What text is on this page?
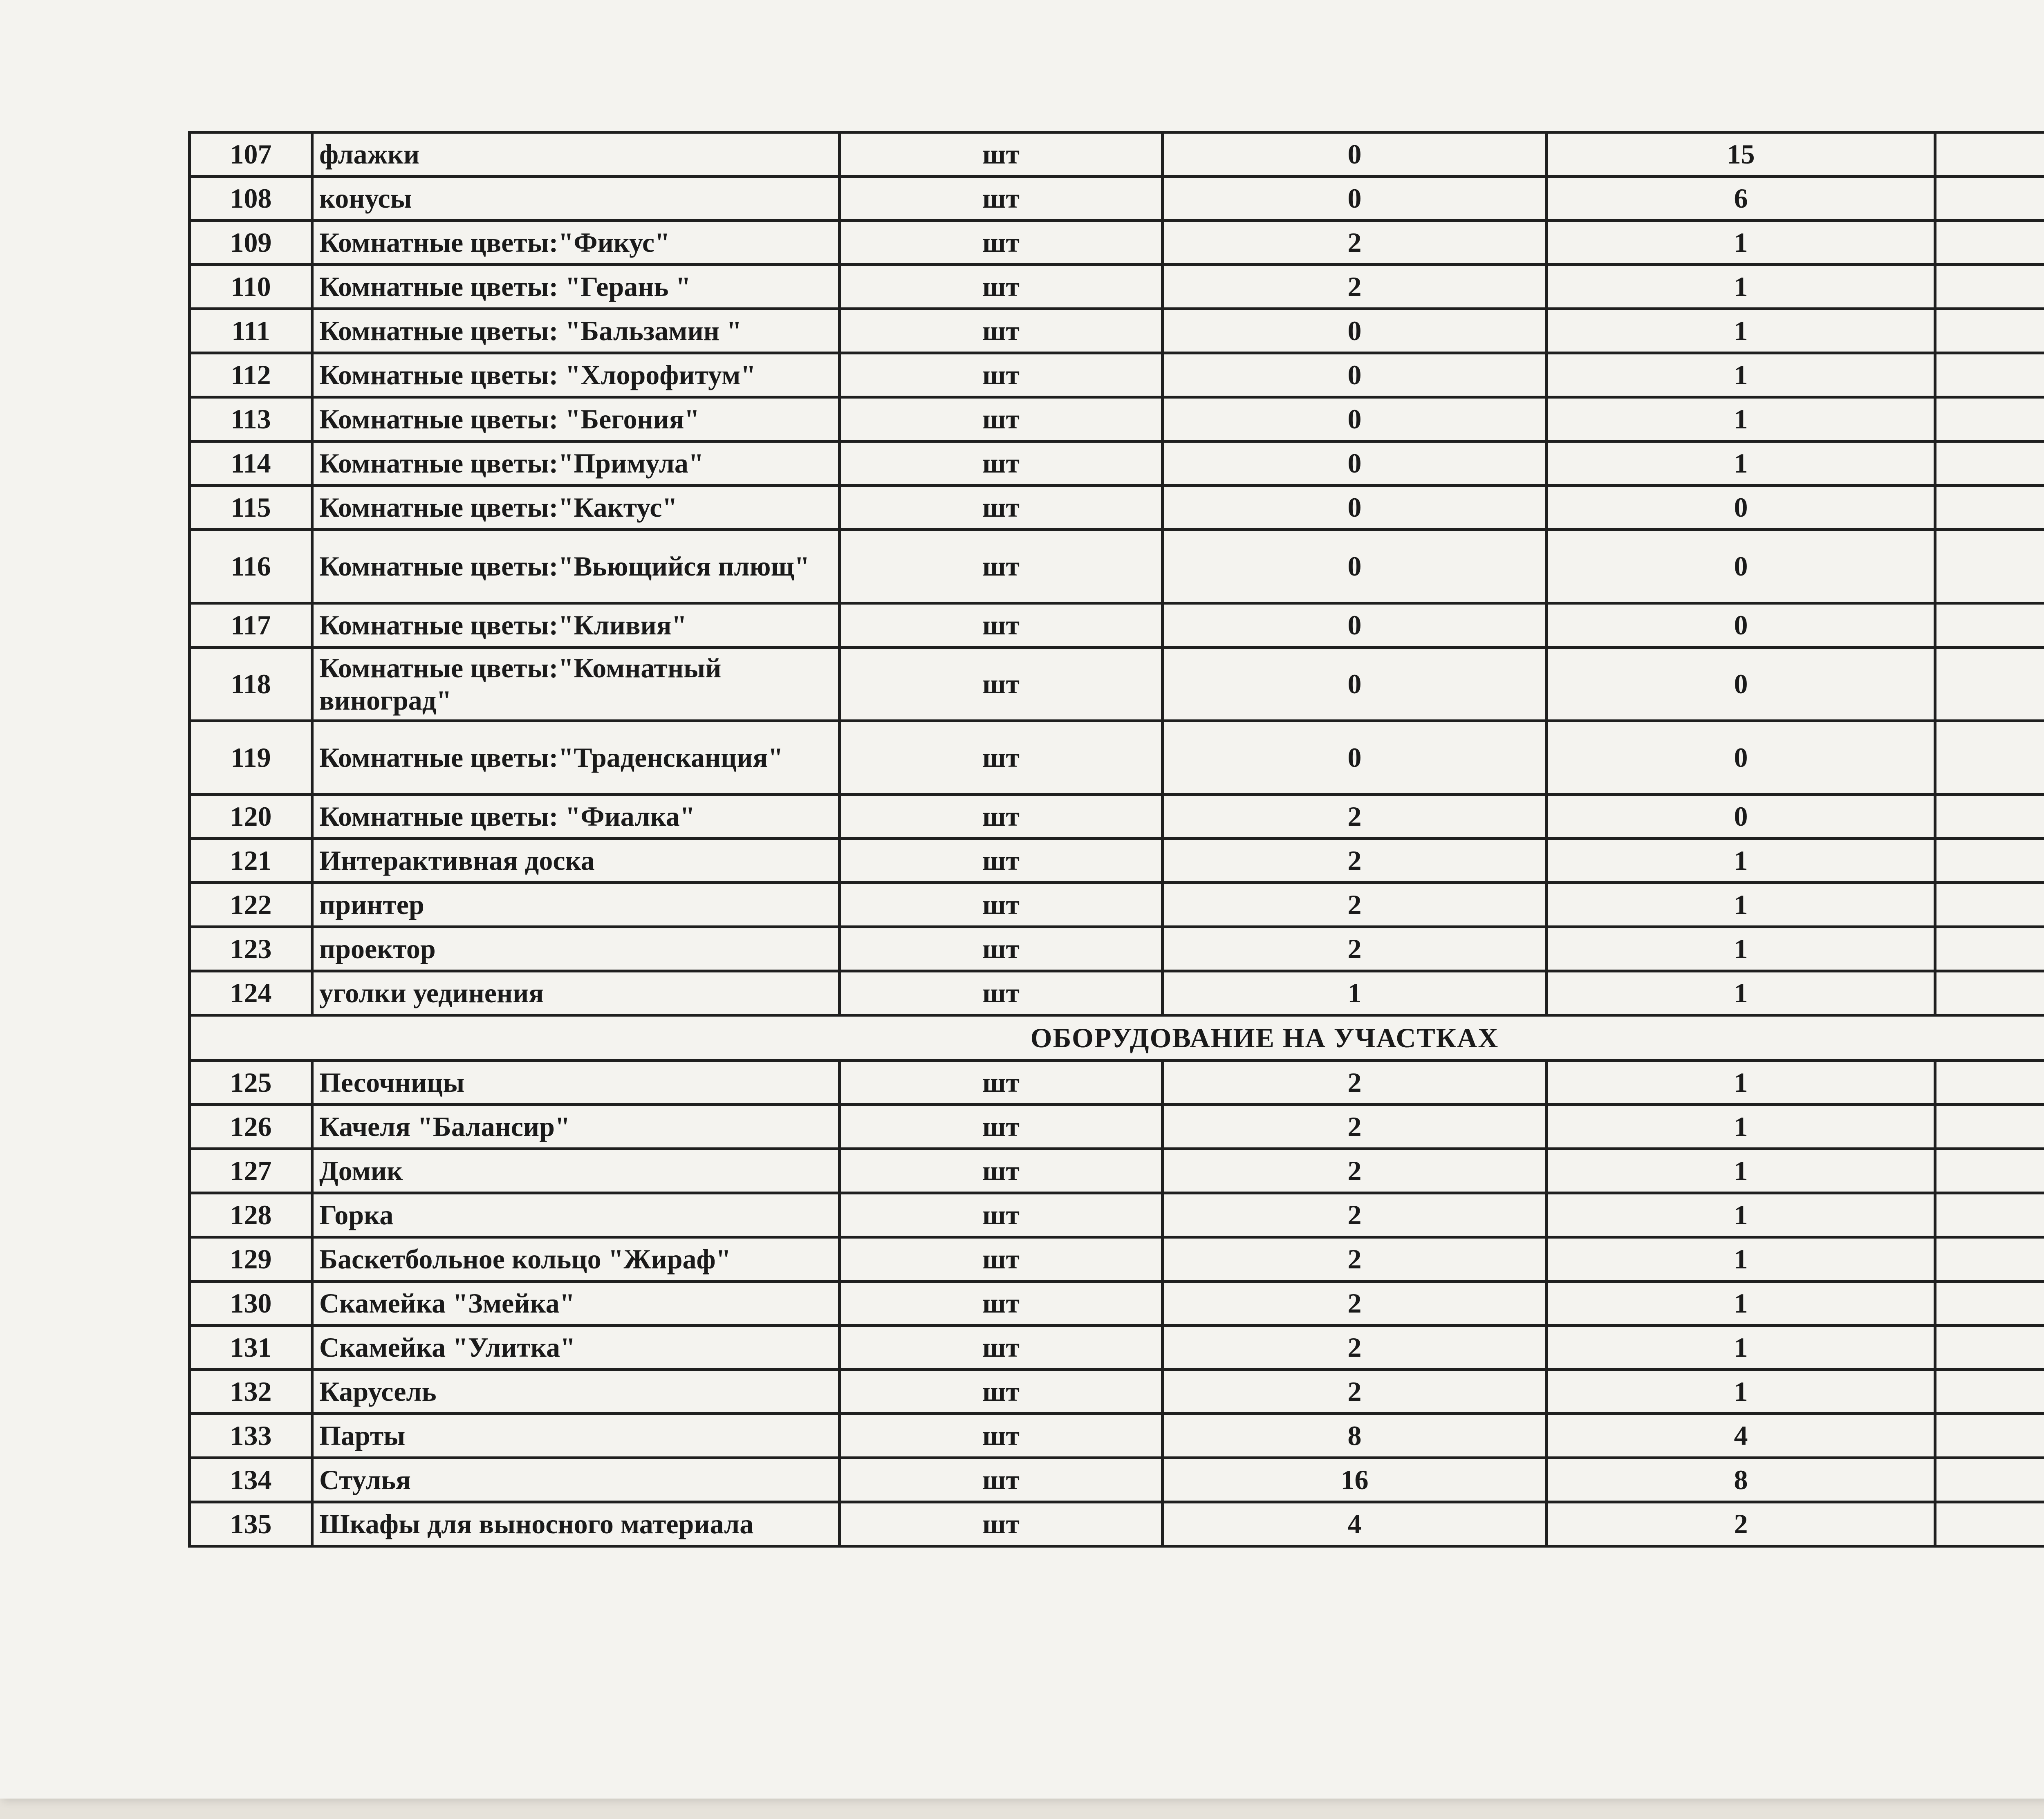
107	флажки	шт	0	15	
108	конусы	шт	0	6	
109	Комнатные цветы:"Фикус"	шт	2	1	
110	Комнатные цветы: "Герань "	шт	2	1	
111	Комнатные цветы: "Бальзамин "	шт	0	1	
112	Комнатные цветы: "Хлорофитум"	шт	0	1	
113	Комнатные цветы: "Бегония"	шт	0	1	
114	Комнатные цветы:"Примула"	шт	0	1	
115	Комнатные цветы:"Кактус"	шт	0	0	
116	Комнатные цветы:"Вьющийся плющ"	шт	0	0	
117	Комнатные цветы:"Кливия"	шт	0	0	
118	Комнатные цветы:"Комнатный виноград"	шт	0	0	
119	Комнатные цветы:"Траденсканция"	шт	0	0	
120	Комнатные цветы: "Фиалка"	шт	2	0	
121	Интерактивная доска	шт	2	1	
122	принтер	шт	2	1	
123	проектор	шт	2	1	
124	уголки уединения	шт	1	1	
ОБОРУДОВАНИЕ НА УЧАСТКАХ					
125	Песочницы	шт	2	1	
126	Качеля "Балансир"	шт	2	1	
127	Домик	шт	2	1	
128	Горка	шт	2	1	
129	Баскетбольное кольцо "Жираф"	шт	2	1	
130	Скамейка "Змейка"	шт	2	1	
131	Скамейка "Улитка"	шт	2	1	
132	Карусель	шт	2	1	
133	Парты	шт	8	4	
134	Стулья	шт	16	8	
135	Шкафы для выносного материала	шт	4	2	
